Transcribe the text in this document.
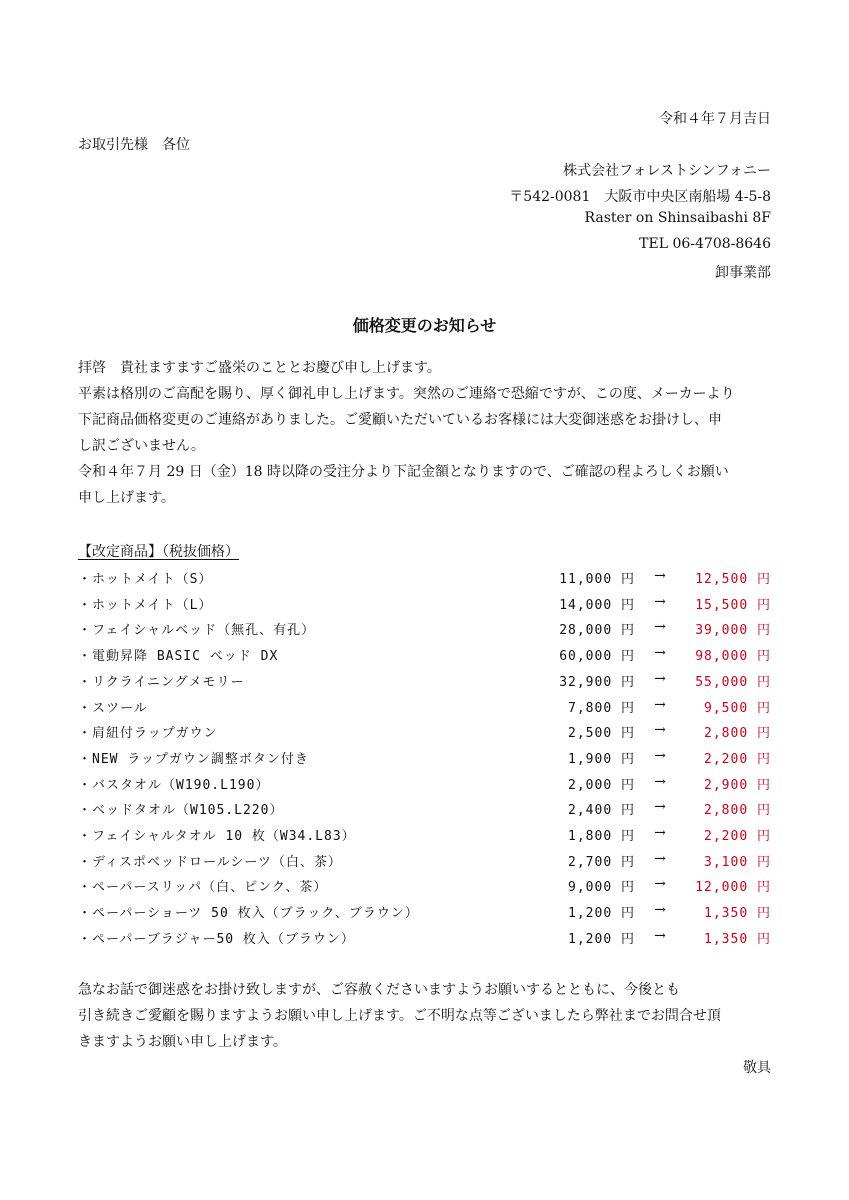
令和４年７月吉日
お取引先様　各位
株式会社フォレストシンフォニー
〒542-0081　大阪市中央区南船場 4-5-8
Raster on Shinsaibashi 8F
TEL 06-4708-8646
卸事業部
価格変更のお知らせ
拝啓　貴社ますますご盛栄のこととお慶び申し上げます。
平素は格別のご高配を賜り、厚く御礼申し上げます。突然のご連絡で恐縮ですが、この度、メーカーより
下記商品価格変更のご連絡がありました。ご愛顧いただいているお客様には大変御迷惑をお掛けし、申
し訳ございません。
令和４年７月 29 日（金）18 時以降の受注分より下記金額となりますので、ご確認の程よろしくお願い
申し上げます。
【改定商品】（税抜価格）
・ホットメイト（S）	11,000 円	→	12,500 円
・ホットメイト（L）	14,000 円	→	15,500 円
・フェイシャルベッド（無孔、有孔）	28,000 円	→	39,000 円
・電動昇降 BASIC ベッド DX	60,000 円	→	98,000 円
・リクライニングメモリー	32,900 円	→	55,000 円
・スツール	7,800 円	→	9,500 円
・肩紐付ラップガウン	2,500 円	→	2,800 円
・NEW ラップガウン調整ボタン付き	1,900 円	→	2,200 円
・バスタオル（W190.L190）	2,000 円	→	2,900 円
・ベッドタオル（W105.L220）	2,400 円	→	2,800 円
・フェイシャルタオル 10 枚（W34.L83）	1,800 円	→	2,200 円
・ディスポベッドロールシーツ（白、茶）	2,700 円	→	3,100 円
・ペーパースリッパ（白、ピンク、茶）	9,000 円	→	12,000 円
・ペーパーショーツ 50 枚入（ブラック、ブラウン）	1,200 円	→	1,350 円
・ペーパーブラジャー50 枚入（ブラウン）	1,200 円	→	1,350 円
急なお話で御迷惑をお掛け致しますが、ご容赦くださいますようお願いするとともに、今後とも
引き続きご愛顧を賜りますようお願い申し上げます。ご不明な点等ございましたら弊社までお問合せ頂
きますようお願い申し上げます。
敬具
